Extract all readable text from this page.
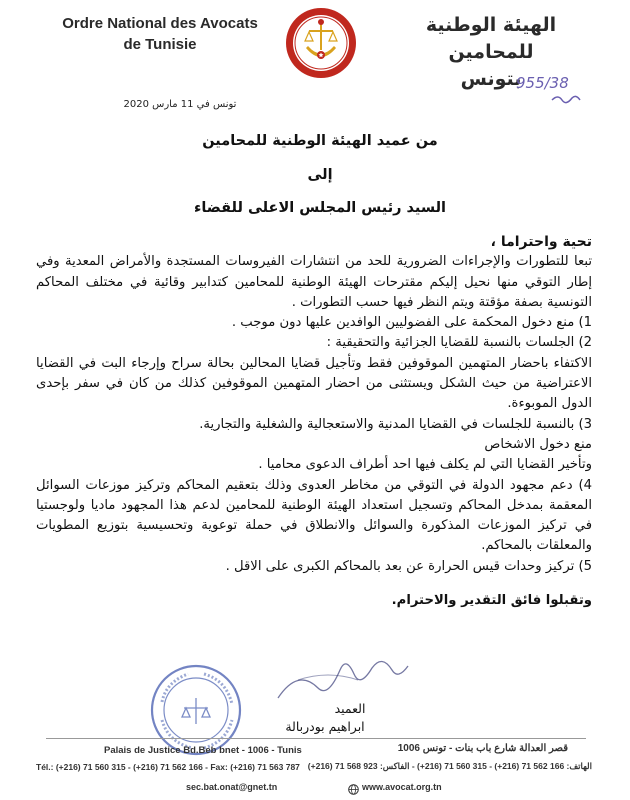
Ordre National des Avocats
de Tunisie
الهيئة الوطنية للمحامين
بتونس
955/38
تونس في 11 مارس 2020
من عميد الهيئة الوطنية للمحامين
إلى
السيد رئيس المجلس الاعلى للقضاء

تحية واحتراما ،

تبعا للتطورات والإجراءات الضرورية للحد من انتشارات الفيروسات المستجدة والأمراض المعدية وفي إطار التوقي منها نحيل إليكم مقترحات الهيئة الوطنية للمحامين كتدابير وقائية في مختلف المحاكم التونسية بصفة مؤقتة ويتم النظر فيها حسب التطورات .

1) منع دخول المحكمة على الفضوليين الوافدين عليها دون موجب .

2) الجلسات بالنسبة للقضايا الجزائية والتحقيقية :

الاكتفاء باحضار المتهمين الموقوفين فقط وتأجيل قضايا المحالين بحالة سراح وإرجاء البت في القضايا الاعتراضية من حيث الشكل ويستثنى من احضار المتهمين الموقوفين كذلك من كان في سفر بإحدى الدول الموبوءة.

3) بالنسبة للجلسات في القضايا المدنية والاستعجالية والشغلية والتجارية.

منع دخول الاشخاص

وتأخير القضايا التي لم يكلف فيها احد أطراف الدعوى محاميا .

4) دعم مجهود الدولة في التوقي من مخاطر العدوى وذلك بتعقيم المحاكم وتركيز موزعات السوائل المعقمة بمدخل المحاكم وتسجيل استعداد الهيئة الوطنية للمحامين لدعم هذا المجهود ماديا ولوجستيا في تركيز الموزعات المذكورة والسوائل والانطلاق في حملة توعوية وتحسيسية بتوزيع المطويات والمعلقات بالمحاكم.

5) تركيز وحدات قيس الحرارة عن بعد بالمحاكم الكبرى على الاقل .

وتقبلوا فائق التقدير والاحترام.

العميد
ابراهيم بودربالة
Palais de Justice Bd.Beb bnet - 1006 - Tunis	قصر العدالة شارع باب بنات - تونس 1006
Tél.: (+216) 71 560 315 - (+216) 71 562 166 - Fax: (+216) 71 563 787 الهاتف: 166 562 71 (216+) - 315 560 71 (216+) - الفاكس: 923 568 71 (216+)
sec.bat.onat@gnet.tn	www.avocat.org.tn
